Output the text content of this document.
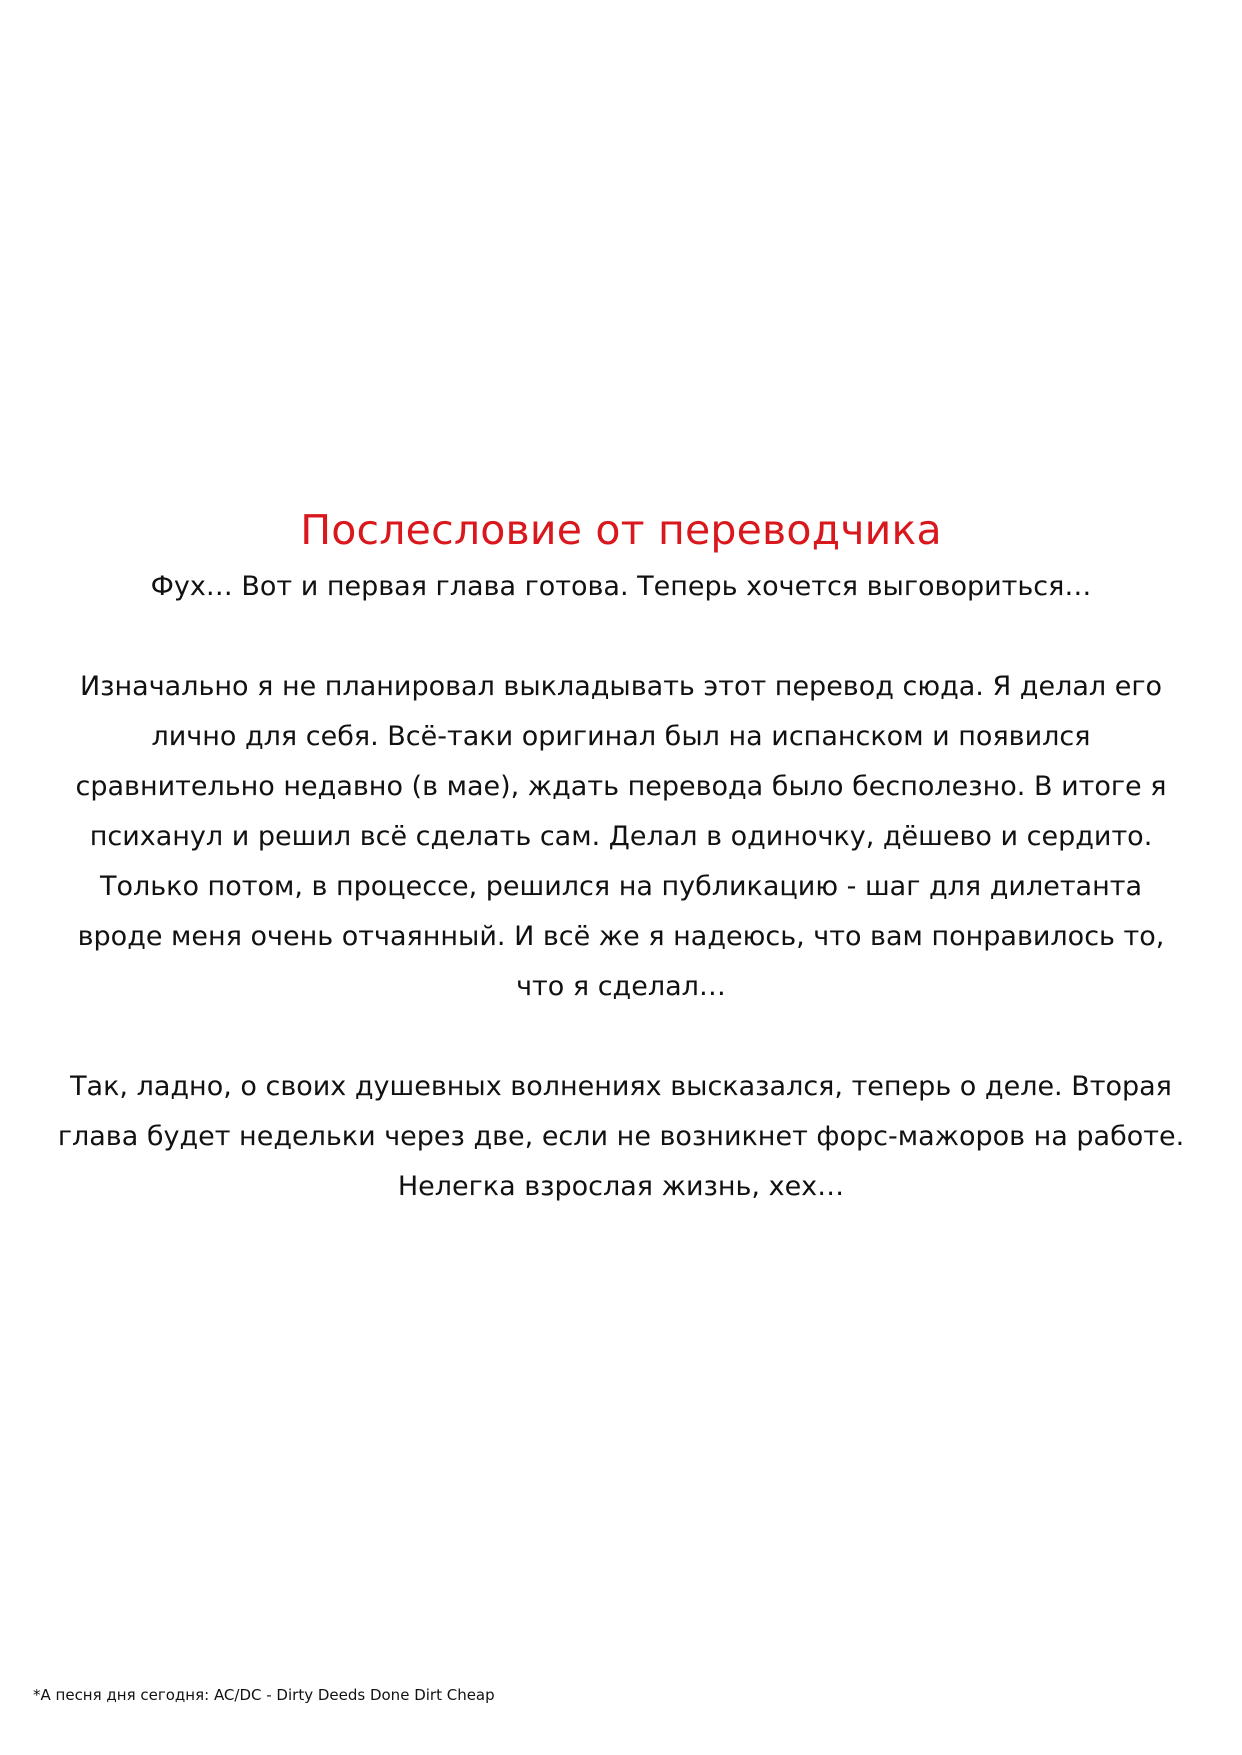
Послесловие от переводчика

Фух… Вот и первая глава готова. Теперь хочется выговориться…

Изначально я не планировал выкладывать этот перевод сюда. Я делал его лично для себя. Всё-таки оригинал был на испанском и появился сравнительно недавно (в мае), ждать перевода было бесполезно. В итоге я психанул и решил всё сделать сам. Делал в одиночку, дёшево и сердито. Только потом, в процессе, решился на публикацию - шаг для дилетанта вроде меня очень отчаянный. И всё же я надеюсь, что вам понравилось то, что я сделал…

Так, ладно, о своих душевных волнениях высказался, теперь о деле. Вторая глава будет недельки через две, если не возникнет форс-мажоров на работе. Нелегка взрослая жизнь, хех…

*А песня дня сегодня: AC/DC - Dirty Deeds Done Dirt Cheap
